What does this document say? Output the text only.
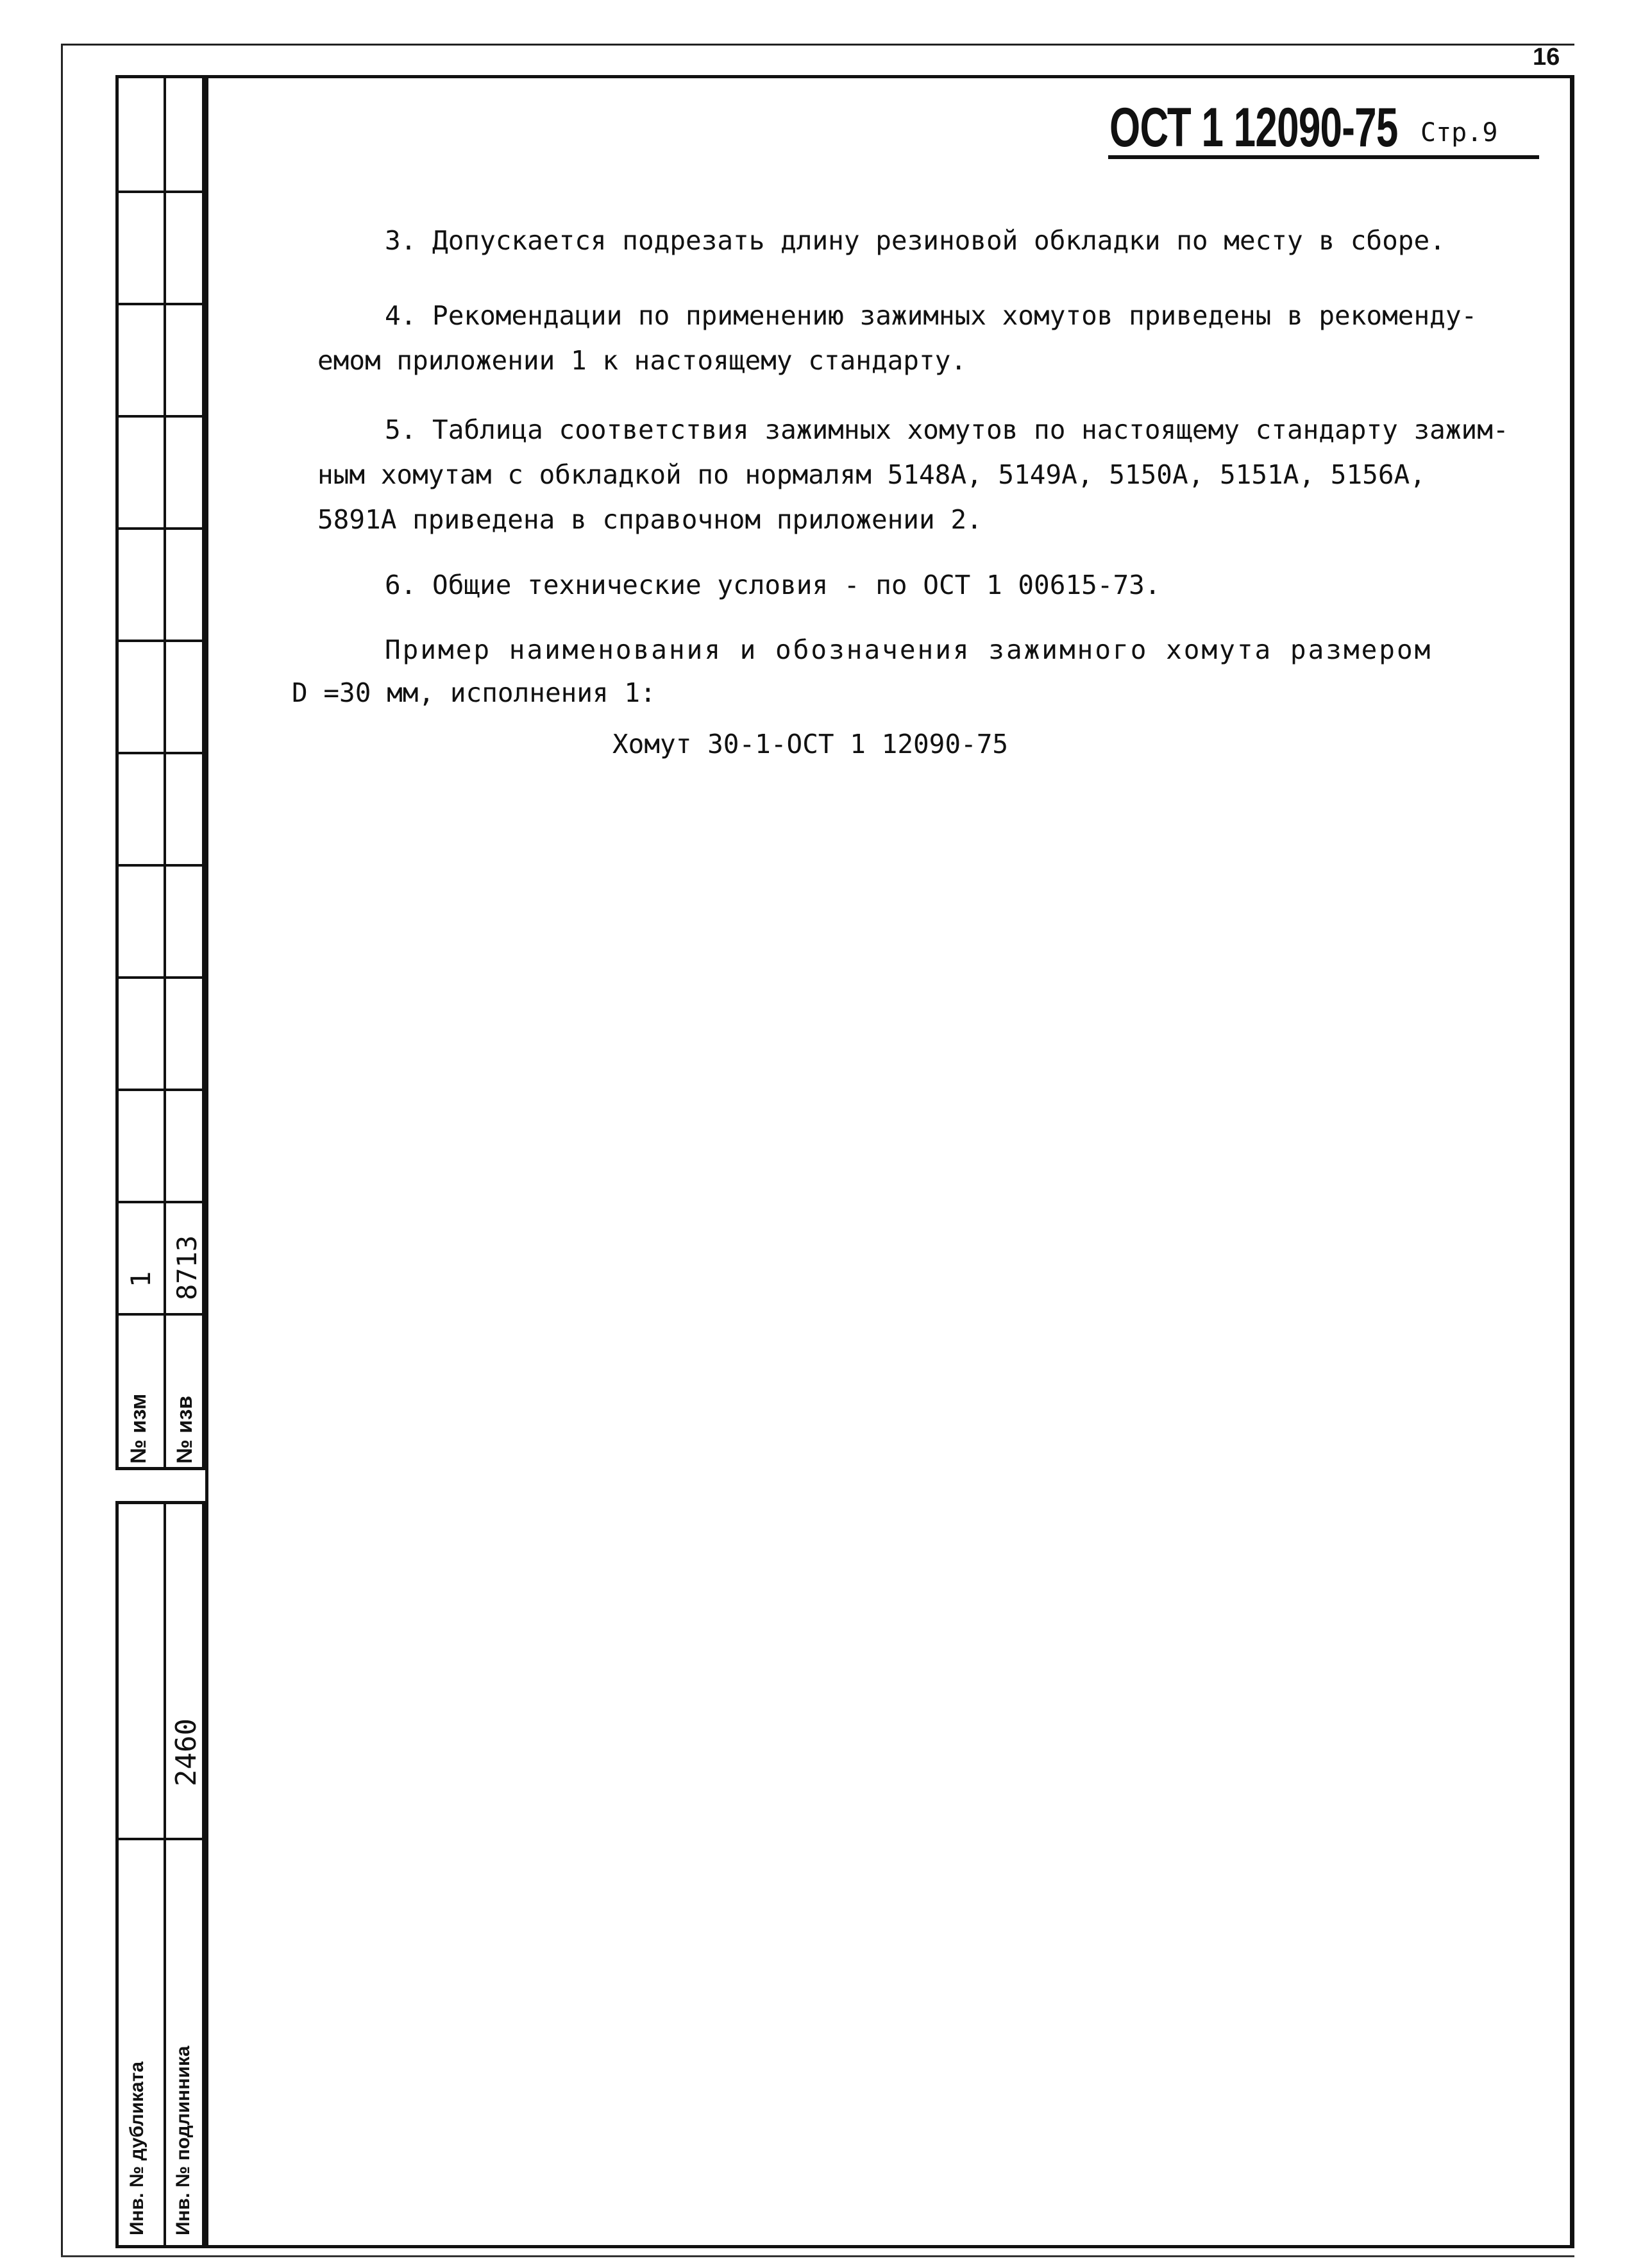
16
ОСТ 1 12090-75 Стр.9
1 8713
№ изм № изв
2460
Инв. № дубликата Инв. № подлинника
3. Допускается подрезать длину резиновой обкладки по месту в сборе.
4. Рекомендации по применению зажимных хомутов приведены в рекоменду-
емом приложении 1 к настоящему стандарту.
5. Таблица соответствия зажимных хомутов по настоящему стандарту зажим-
ным хомутам с обкладкой по нормалям 5148А, 5149А, 5150А, 5151А, 5156А,
5891А приведена в справочном приложении 2.
6. Общие технические условия - по ОСТ 1 00615-73.
Пример наименования и обозначения зажимного хомута размером
D =30 мм, исполнения 1:
Хомут 30-1-ОСТ 1 12090-75
